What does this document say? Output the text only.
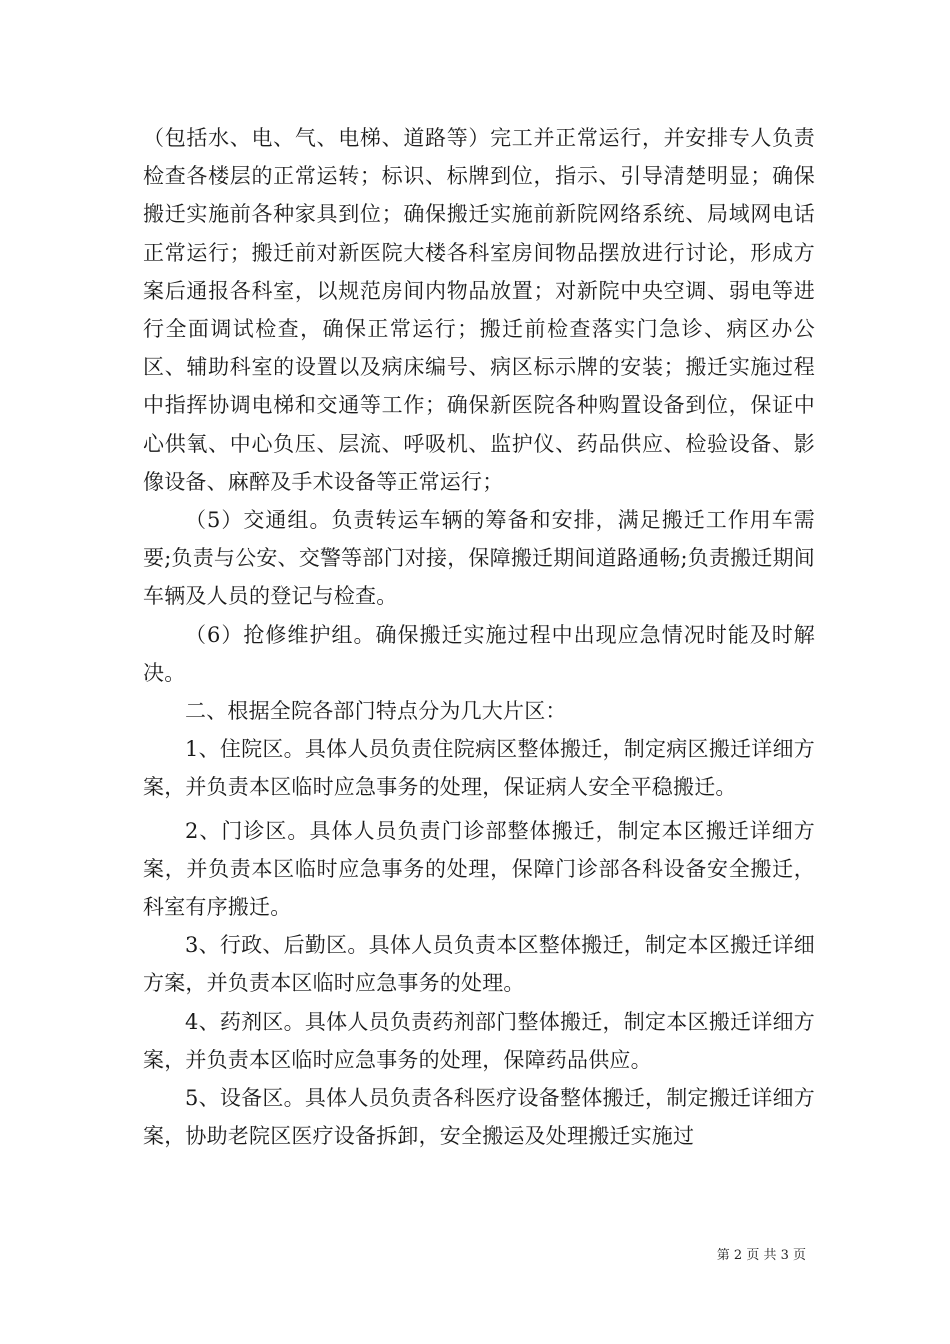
（包括水、电、气、电梯、道路等）完工并正常运行，并安排专人负责检查各楼层的正常运转；标识、标牌到位，指示、引导清楚明显；确保搬迁实施前各种家具到位；确保搬迁实施前新院网络系统、局域网电话正常运行；搬迁前对新医院大楼各科室房间物品摆放进行讨论，形成方案后通报各科室，以规范房间内物品放置；对新院中央空调、弱电等进行全面调试检查，确保正常运行；搬迁前检查落实门急诊、病区办公区、辅助科室的设置以及病床编号、病区标示牌的安装；搬迁实施过程中指挥协调电梯和交通等工作；确保新医院各种购置设备到位，保证中心供氧、中心负压、层流、呼吸机、监护仪、药品供应、检验设备、影像设备、麻醉及手术设备等正常运行；

（5）交通组。负责转运车辆的筹备和安排，满足搬迁工作用车需要;负责与公安、交警等部门对接，保障搬迁期间道路通畅;负责搬迁期间车辆及人员的登记与检查。

（6）抢修维护组。确保搬迁实施过程中出现应急情况时能及时解决。

二、根据全院各部门特点分为几大片区：

1、住院区。具体人员负责住院病区整体搬迁，制定病区搬迁详细方案，并负责本区临时应急事务的处理，保证病人安全平稳搬迁。

2、门诊区。具体人员负责门诊部整体搬迁，制定本区搬迁详细方案，并负责本区临时应急事务的处理，保障门诊部各科设备安全搬迁，科室有序搬迁。

3、行政、后勤区。具体人员负责本区整体搬迁，制定本区搬迁详细方案，并负责本区临时应急事务的处理。

4、药剂区。具体人员负责药剂部门整体搬迁，制定本区搬迁详细方案，并负责本区临时应急事务的处理，保障药品供应。

5、设备区。具体人员负责各科医疗设备整体搬迁，制定搬迁详细方案，协助老院区医疗设备拆卸，安全搬运及处理搬迁实施过

第 2 页 共 3 页
